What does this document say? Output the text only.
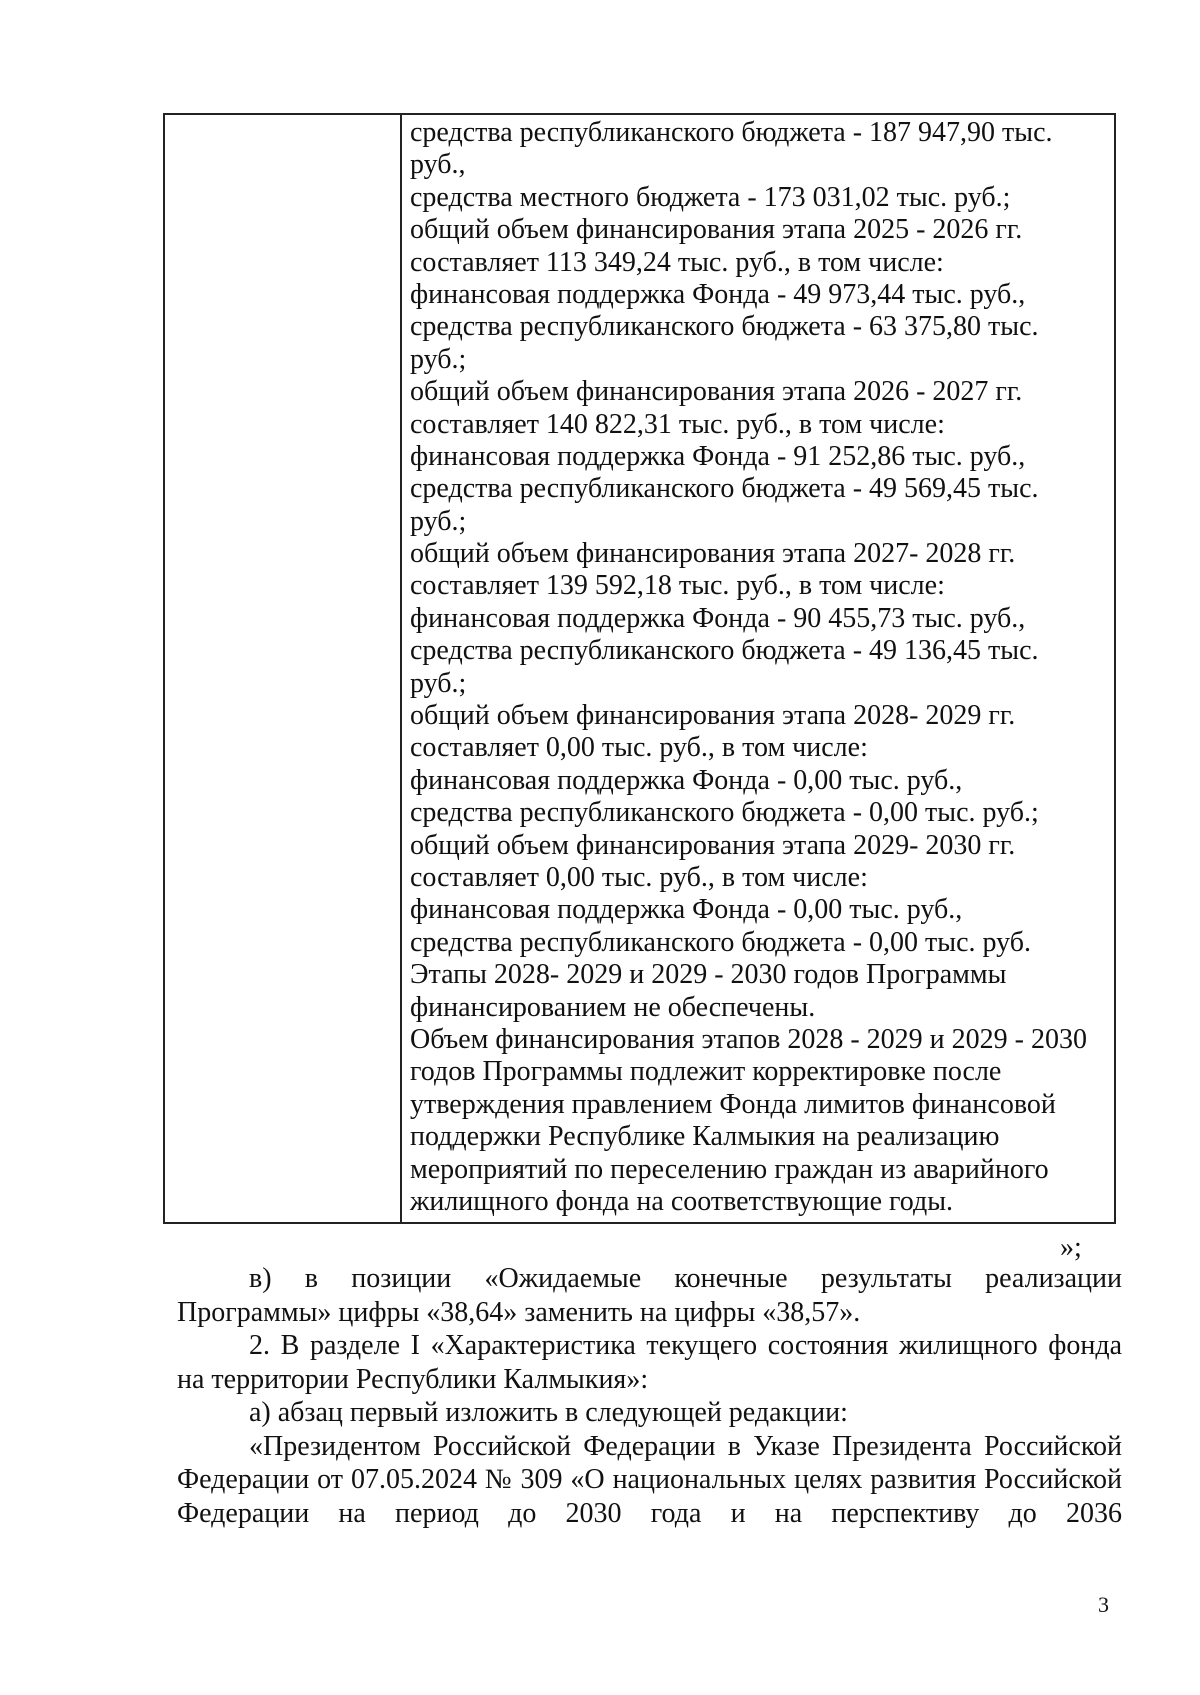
средства республиканского бюджета - 187 947,90 тыс.
руб.,
средства местного бюджета - 173 031,02 тыс. руб.;
общий объем финансирования этапа 2025 - 2026 гг.
составляет 113 349,24 тыс. руб., в том числе:
финансовая поддержка Фонда - 49 973,44 тыс. руб.,
средства республиканского бюджета - 63 375,80 тыс.
руб.;
общий объем финансирования этапа 2026 - 2027 гг.
составляет 140 822,31 тыс. руб., в том числе:
финансовая поддержка Фонда - 91 252,86 тыс. руб.,
средства республиканского бюджета - 49 569,45 тыс.
руб.;
общий объем финансирования этапа 2027- 2028 гг.
составляет 139 592,18 тыс. руб., в том числе:
финансовая поддержка Фонда - 90 455,73 тыс. руб.,
средства республиканского бюджета - 49 136,45 тыс.
руб.;
общий объем финансирования этапа 2028- 2029 гг.
составляет 0,00 тыс. руб., в том числе:
финансовая поддержка Фонда - 0,00 тыс. руб.,
средства республиканского бюджета - 0,00 тыс. руб.;
общий объем финансирования этапа 2029- 2030 гг.
составляет 0,00 тыс. руб., в том числе:
финансовая поддержка Фонда - 0,00 тыс. руб.,
средства республиканского бюджета - 0,00 тыс. руб.
Этапы 2028- 2029 и 2029 - 2030 годов Программы
финансированием не обеспечены.
Объем финансирования этапов 2028 - 2029 и 2029 - 2030
годов Программы подлежит корректировке после
утверждения правлением Фонда лимитов финансовой
поддержки Республике Калмыкия на реализацию
мероприятий по переселению граждан из аварийного
жилищного фонда на соответствующие годы.
»;

в) в позиции «Ожидаемые конечные результаты реализации Программы» цифры «38,64» заменить на цифры «38,57».

2. В разделе I «Характеристика текущего состояния жилищного фонда на территории Республики Калмыкия»:

а) абзац первый изложить в следующей редакции:

«Президентом Российской Федерации в Указе Президента Российской Федерации от 07.05.2024 № 309 «О национальных целях развития Российской Федерации на период до 2030 года и на перспективу до 2036

3
